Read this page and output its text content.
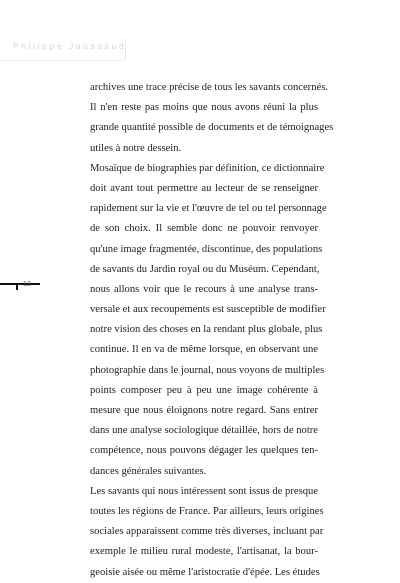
Philippe Jaussaud
12
archives une trace précise de tous les savants concernés.
Il n'en reste pas moins que nous avons réuni la plus
grande quantité possible de documents et de témoignages
utiles à notre dessein.
Mosaïque de biographies par définition, ce dictionnaire
doit avant tout permettre au lecteur de se renseigner
rapidement sur la vie et l'œuvre de tel ou tel personnage
de son choix. Il semble donc ne pouvoir renvoyer
qu'une image fragmentée, discontinue, des populations
de savants du Jardin royal ou du Muséum. Cependant,
nous allons voir que le recours à une analyse trans-
versale et aux recoupements est susceptible de modifier
notre vision des choses en la rendant plus globale, plus
continue. Il en va de même lorsque, en observant une
photographie dans le journal, nous voyons de multiples
points composer peu à peu une image cohérente à
mesure que nous éloignons notre regard. Sans entrer
dans une analyse sociologique détaillée, hors de notre
compétence, nous pouvons dégager les quelques ten-
dances générales suivantes.
Les savants qui nous intéressent sont issus de presque
toutes les régions de France. Par ailleurs, leurs origines
sociales apparaissent comme très diverses, incluant par
exemple le milieu rural modeste, l'artisanat, la bour-
geoisie aisée ou même l'aristocratie d'épée. Les études
